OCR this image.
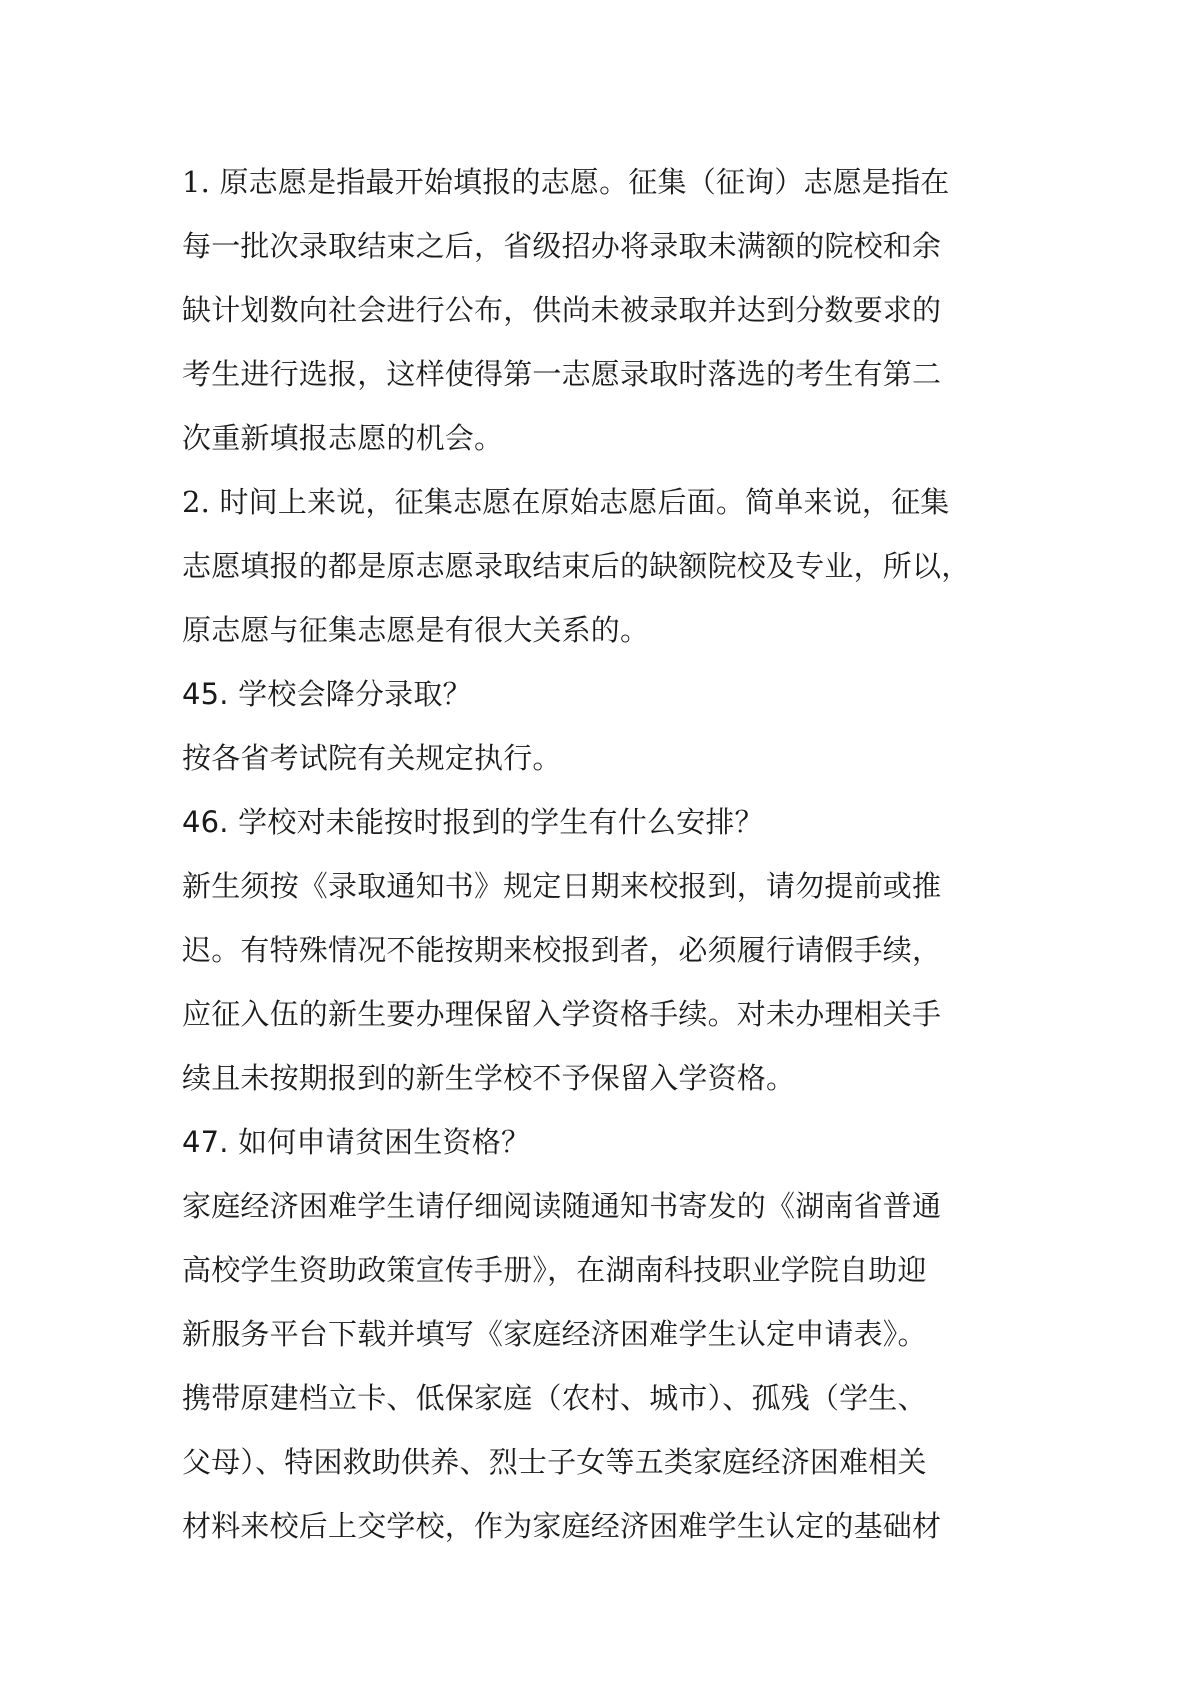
1. 原志愿是指最开始填报的志愿。征集（征询）志愿是指在
每一批次录取结束之后，省级招办将录取未满额的院校和余
缺计划数向社会进行公布，供尚未被录取并达到分数要求的
考生进行选报，这样使得第一志愿录取时落选的考生有第二
次重新填报志愿的机会。
2. 时间上来说，征集志愿在原始志愿后面。简单来说，征集
志愿填报的都是原志愿录取结束后的缺额院校及专业，所以，
原志愿与征集志愿是有很大关系的。
45. 学校会降分录取？
按各省考试院有关规定执行。
46. 学校对未能按时报到的学生有什么安排？
新生须按《录取通知书》规定日期来校报到，请勿提前或推
迟。有特殊情况不能按期来校报到者，必须履行请假手续，
应征入伍的新生要办理保留入学资格手续。对未办理相关手
续且未按期报到的新生学校不予保留入学资格。
47. 如何申请贫困生资格？
家庭经济困难学生请仔细阅读随通知书寄发的《湖南省普通
高校学生资助政策宣传手册》，在湖南科技职业学院自助迎
新服务平台下载并填写《家庭经济困难学生认定申请表》。
携带原建档立卡、低保家庭（农村、城市）、孤残（学生、
父母）、特困救助供养、烈士子女等五类家庭经济困难相关
材料来校后上交学校，作为家庭经济困难学生认定的基础材
